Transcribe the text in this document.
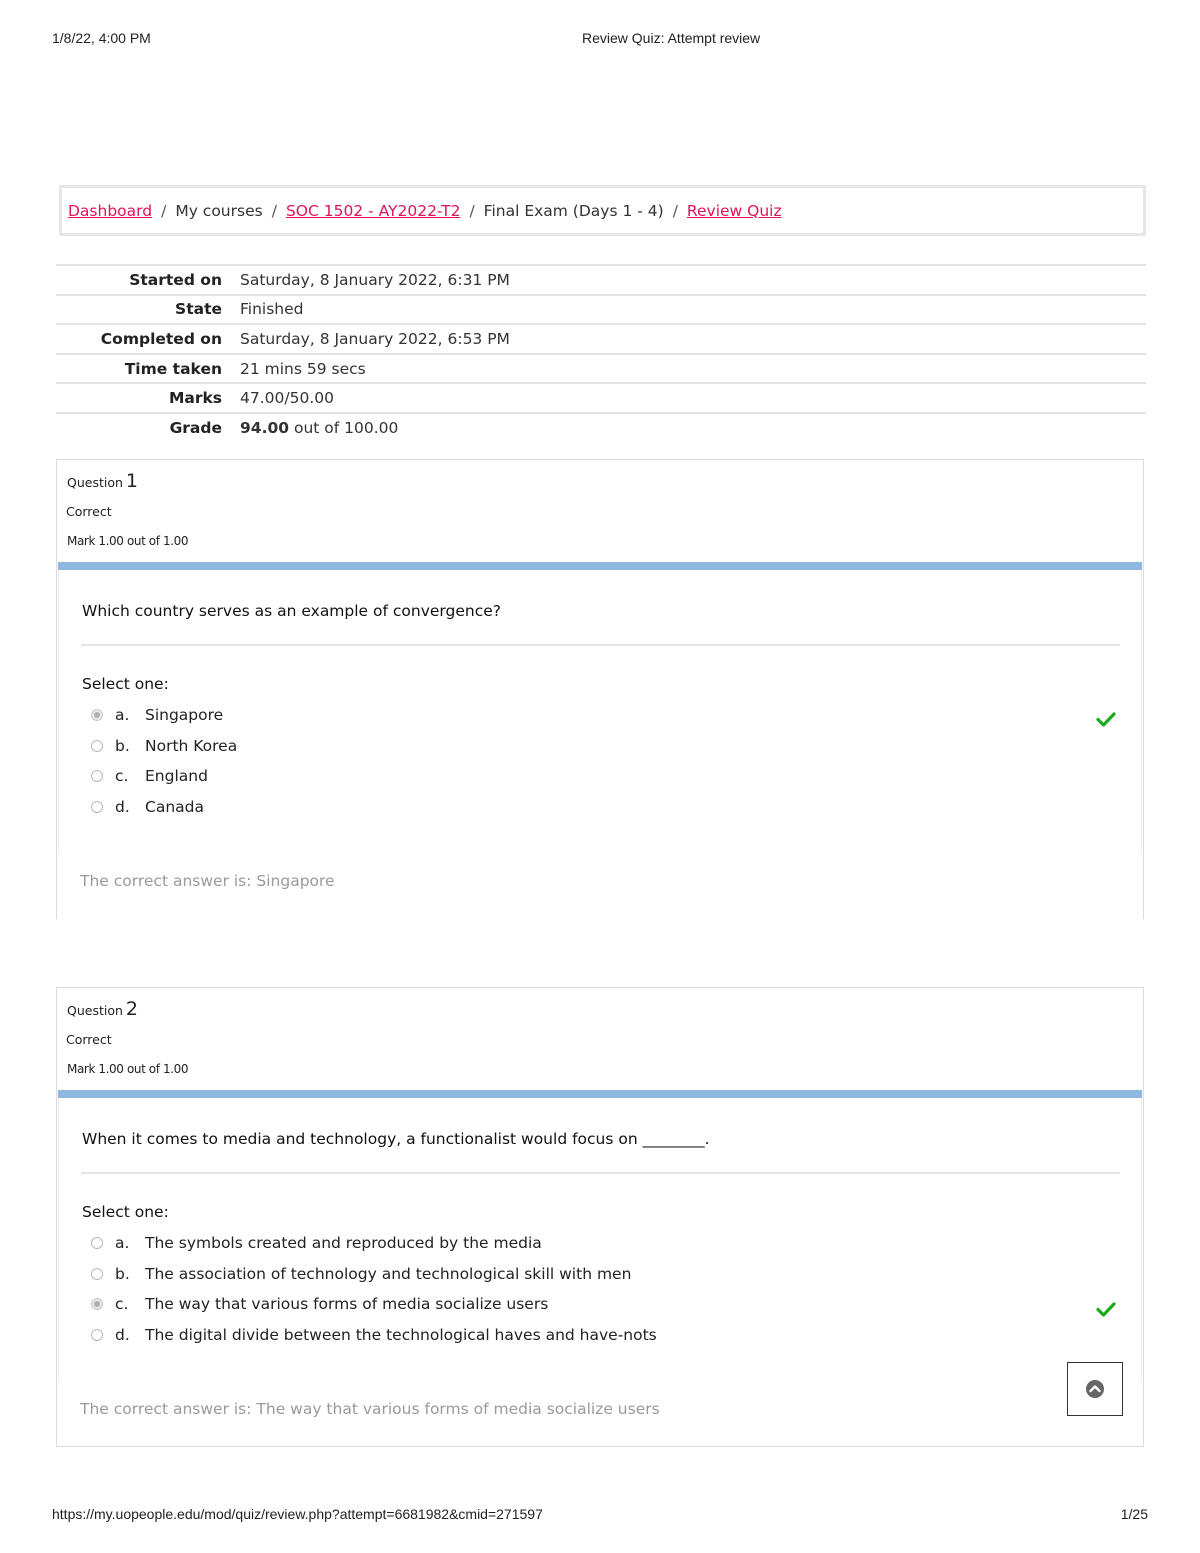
1/8/22, 4:00 PM	Review Quiz: Attempt review
Dashboard / My courses / SOC 1502 - AY2022-T2 / Final Exam (Days 1 - 4) / Review Quiz
Started on	Saturday, 8 January 2022, 6:31 PM
State	Finished
Completed on	Saturday, 8 January 2022, 6:53 PM
Time taken	21 mins 59 secs
Marks	47.00/50.00
Grade	94.00 out of 100.00
Question 1
Correct
Mark 1.00 out of 1.00
Which country serves as an example of convergence?
Select one:
a. Singapore
b. North Korea
c. England
d. Canada
The correct answer is: Singapore
Question 2
Correct
Mark 1.00 out of 1.00
When it comes to media and technology, a functionalist would focus on ________.
Select one:
a. The symbols created and reproduced by the media
b. The association of technology and technological skill with men
c. The way that various forms of media socialize users
d. The digital divide between the technological haves and have-nots
The correct answer is: The way that various forms of media socialize users
https://my.uopeople.edu/mod/quiz/review.php?attempt=6681982&cmid=271597	1/25
